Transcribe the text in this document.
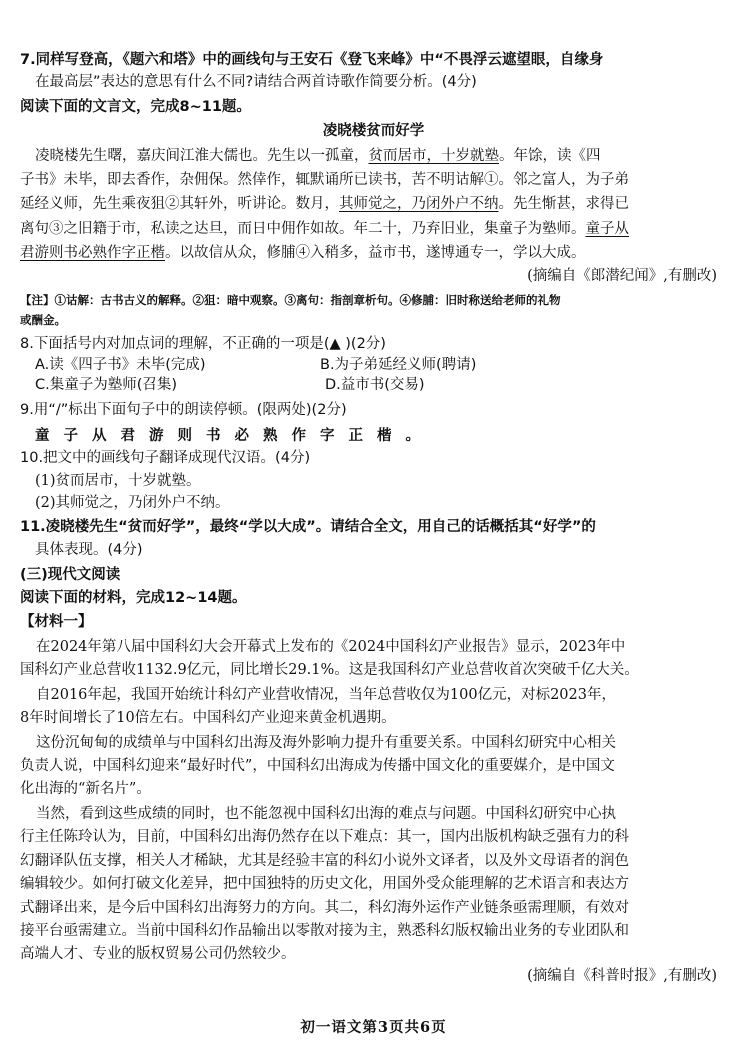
7.同样写登高，《题六和塔》中的画线句与王安石《登飞来峰》中“不畏浮云遮望眼，自缘身
在最高层”表达的意思有什么不同?请结合两首诗歌作简要分析。(4分)
阅读下面的文言文，完成8~11题。
凌晓楼贫而好学
凌晓楼先生曙，嘉庆间江淮大儒也。先生以一孤童，贫而居市，十岁就塾。年馀，读《四
子书》未毕，即去香作，杂佣保。然倖作，辄默诵所已读书，苦不明诂解①。邻之富人，为子弟
延经义师，先生乘夜狙②其轩外，听讲论。数月，其师觉之，乃闭外户不纳。先生惭甚，求得已
离句③之旧籍于市，私读之达旦，而日中佣作如故。年二十，乃弃旧业，集童子为塾师。童子从
君游则书必熟作字正楷。以故信从众，修脯④入稍多，益市书，遂博通专一，学以大成。
(摘编自《郎潜纪闻》,有删改)
【注】①诂解：古书古义的解释。②狙：暗中观察。③离句：指剖章析句。④修脯：旧时称送给老师的礼物
或酬金。
8.下面括号内对加点词的理解，不正确的一项是(▲ )(2分)
A.读《四子书》未毕(完成)	B.为子弟延经义师(聘请)
C.集童子为塾师(召集)	D.益市书(交易)
9.用“/”标出下面句子中的朗读停顿。(限两处)(2分)
童子从君游则书必熟作字正楷。
10.把文中的画线句子翻译成现代汉语。(4分)
(1)贫而居市，十岁就塾。
(2)其师觉之，乃闭外户不纳。
11.凌晓楼先生“贫而好学”，最终“学以大成”。请结合全文，用自己的话概括其“好学”的
具体表现。(4分)
(三)现代文阅读
阅读下面的材料，完成12~14题。
【材料一】
在2024年第八届中国科幻大会开幕式上发布的《2024中国科幻产业报告》显示，2023年中
国科幻产业总营收1132.9亿元，同比增长29.1%。这是我国科幻产业总营收首次突破千亿大关。
自2016年起，我国开始统计科幻产业营收情况，当年总营收仅为100亿元，对标2023年，
8年时间增长了10倍左右。中国科幻产业迎来黄金机遇期。
这份沉甸甸的成绩单与中国科幻出海及海外影响力提升有重要关系。中国科幻研究中心相关
负责人说，中国科幻迎来“最好时代”，中国科幻出海成为传播中国文化的重要媒介，是中国文
化出海的“新名片”。
当然，看到这些成绩的同时，也不能忽视中国科幻出海的难点与问题。中国科幻研究中心执
行主任陈玲认为，目前，中国科幻出海仍然存在以下难点：其一，国内出版机构缺乏强有力的科
幻翻译队伍支撑，相关人才稀缺，尤其是经验丰富的科幻小说外文译者，以及外文母语者的润色
编辑较少。如何打破文化差异，把中国独特的历史文化，用国外受众能理解的艺术语言和表达方
式翻译出来，是今后中国科幻出海努力的方向。其二，科幻海外运作产业链条亟需理顺，有效对
接平台亟需建立。当前中国科幻作品输出以零散对接为主，熟悉科幻版权输出业务的专业团队和
高端人才、专业的版权贸易公司仍然较少。
(摘编自《科普时报》,有删改)
初一语文第3页共6页
